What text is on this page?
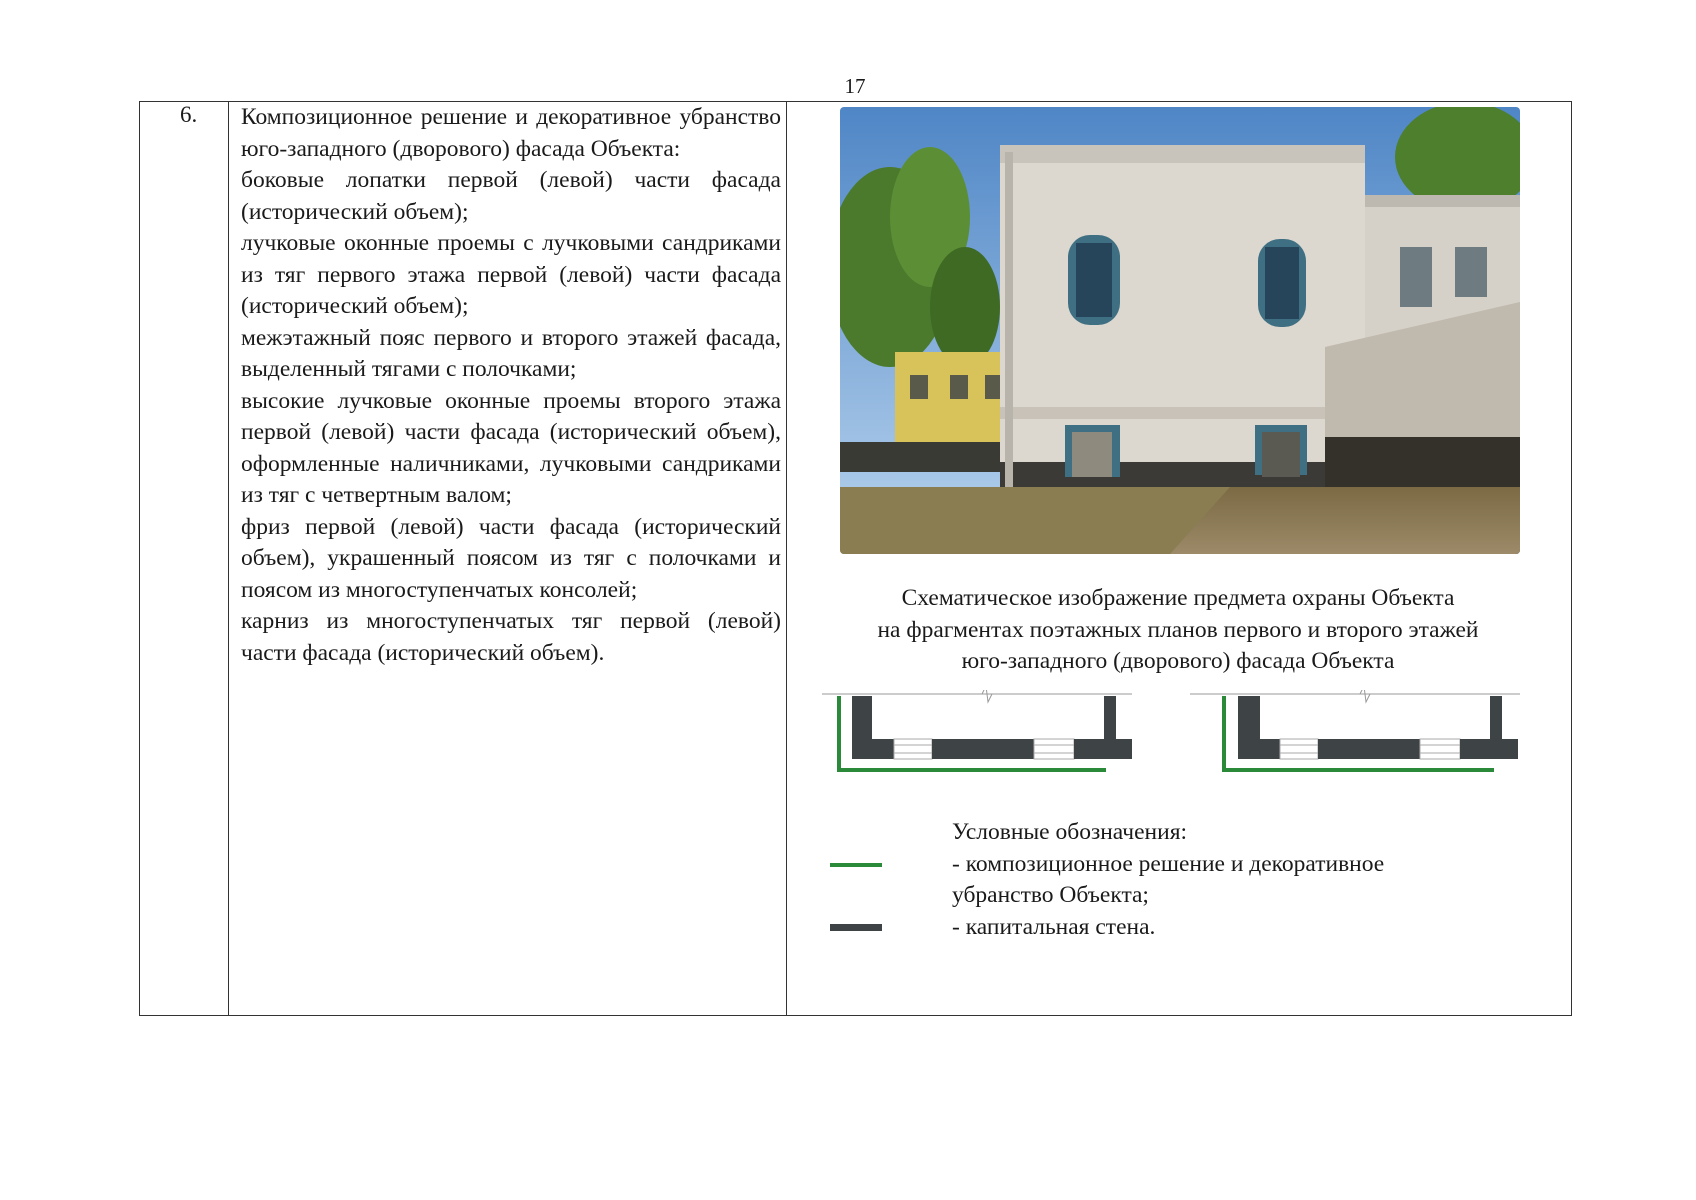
17
6. Композиционное решение и декоративное убранство юго-западного (дворового) фасада Объекта:

боковые лопатки первой (левой) части фасада (исторический объем);

лучковые оконные проемы с лучковыми сандриками из тяг первого этажа первой (левой) части фасада (исторический объем);

межэтажный пояс первого и второго этажей фасада, выделенный тягами с полочками;

высокие лучковые оконные проемы второго этажа первой (левой) части фасада (исторический объем), оформленные наличниками, лучковыми сандриками из тяг с четвертным валом;

фриз первой (левой) части фасада (исторический объем), украшенный поясом из тяг с полочками и поясом из многоступенчатых консолей;

карниз из многоступенчатых тяг первой (левой) части фасада (исторический объем).

Схематическое изображение предмета охраны Объекта
на фрагментах поэтажных планов первого и второго этажей
юго-западного (дворового) фасада Объекта
Условные обозначения:
- композиционное решение и декоративное
убранство Объекта;
- капитальная стена.
